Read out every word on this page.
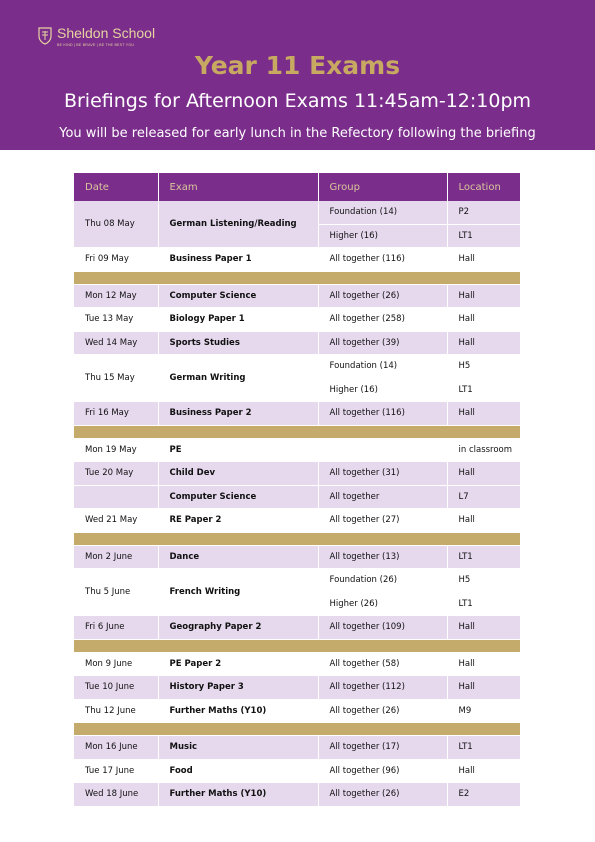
Sheldon School
BE KIND | BE BRAVE | BE THE BEST YOU
Year 11 Exams
Briefings for Afternoon Exams 11:45am-12:10pm
You will be released for early lunch in the Refectory following the briefing
Date	Exam	Group	Location
Thu 08 May	German Listening/Reading	Foundation (14)	P2
		Higher (16)	LT1
Fri 09 May	Business Paper 1	All together (116)	Hall

Mon 12 May	Computer Science	All together (26)	Hall
Tue 13 May	Biology Paper 1	All together (258)	Hall
Wed 14 May	Sports Studies	All together (39)	Hall
Thu 15 May	German Writing	Foundation (14)	H5
		Higher (16)	LT1
Fri 16 May	Business Paper 2	All together (116)	Hall

Mon 19 May	PE		in classroom
Tue 20 May	Child Dev	All together (31)	Hall
	Computer Science	All together	L7
Wed 21 May	RE Paper 2	All together (27)	Hall

Mon 2 June	Dance	All together (13)	LT1
Thu 5 June	French Writing	Foundation (26)	H5
		Higher (26)	LT1
Fri 6 June	Geography Paper 2	All together (109)	Hall

Mon 9 June	PE Paper 2	All together (58)	Hall
Tue 10 June	History Paper 3	All together (112)	Hall
Thu 12 June	Further Maths (Y10)	All together (26)	M9

Mon 16 June	Music	All together (17)	LT1
Tue 17 June	Food	All together (96)	Hall
Wed 18 June	Further Maths (Y10)	All together (26)	E2
